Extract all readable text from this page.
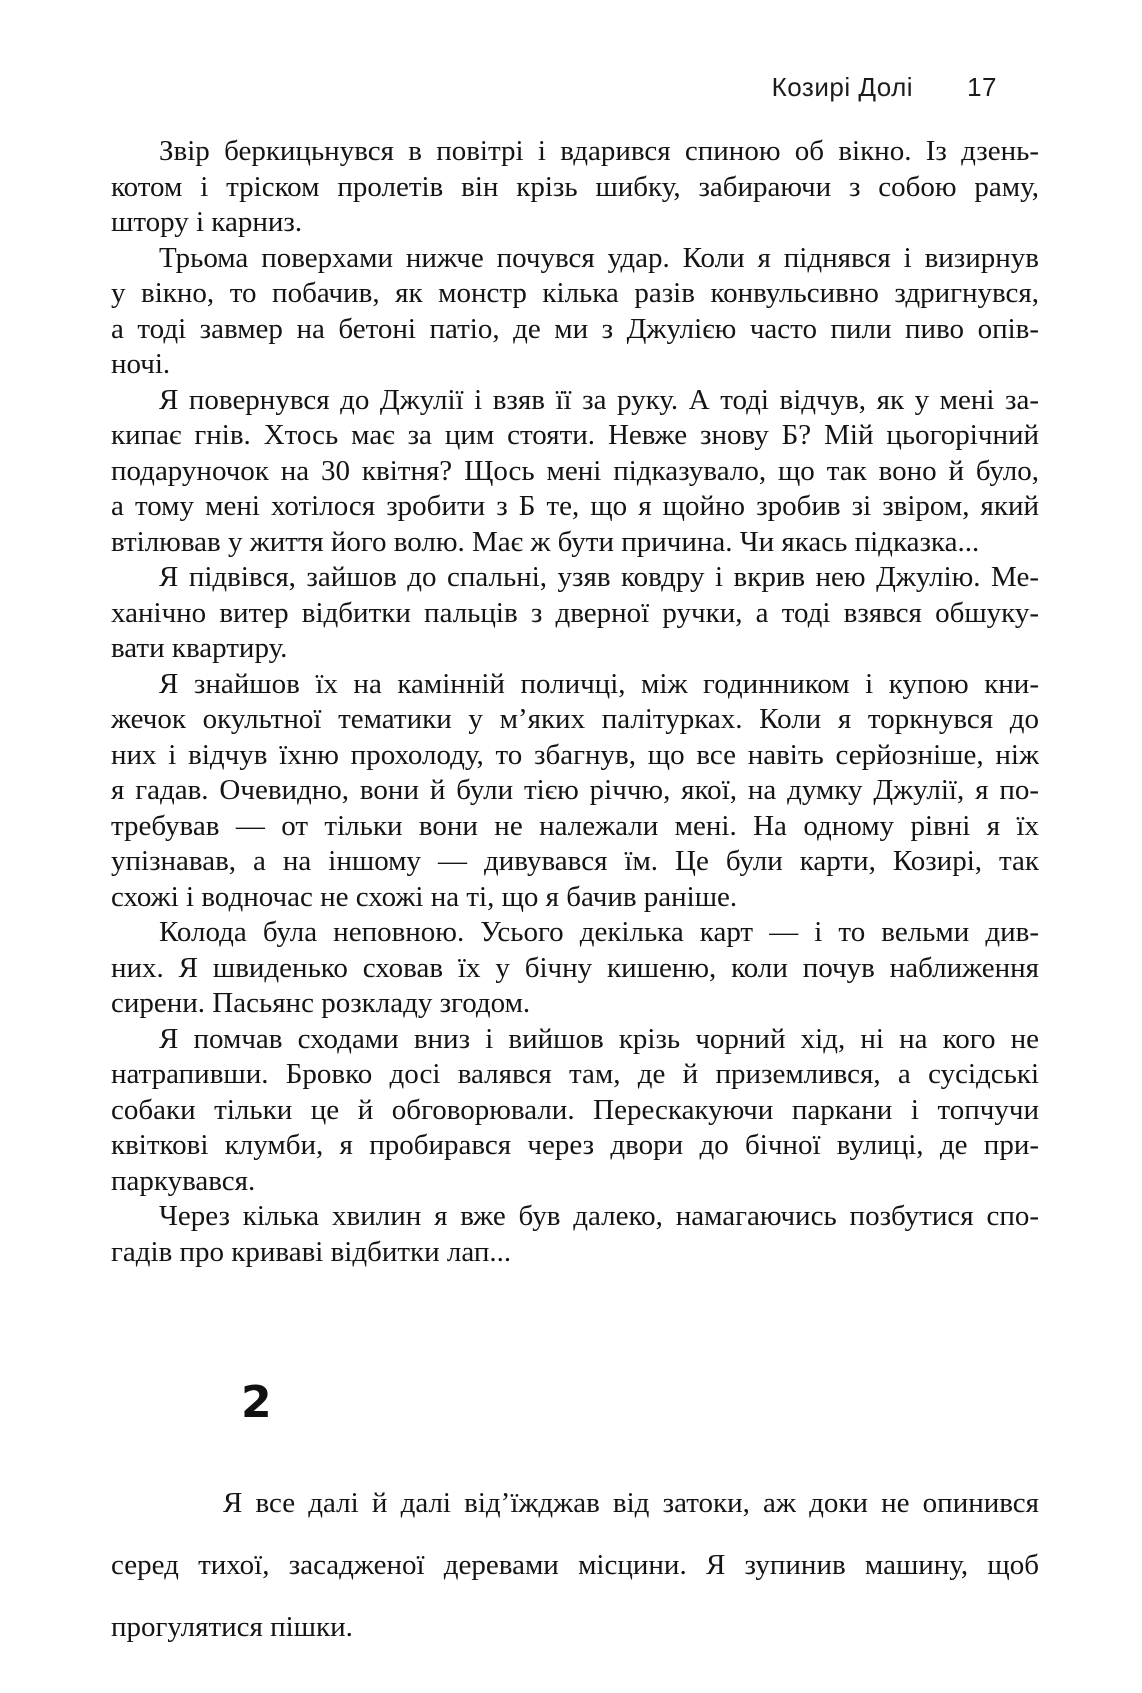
Козирі Долі 17
Звір беркицьнувся в повітрі і вдарився спиною об вікно. Із дзень-
котом і тріском пролетів він крізь шибку, забираючи з собою раму,
штору і карниз.
Трьома поверхами нижче почувся удар. Коли я піднявся і визирнув
у вікно, то побачив, як монстр кілька разів конвульсивно здригнувся,
а тоді завмер на бетоні патіо, де ми з Джулією часто пили пиво опів-
ночі.
Я повернувся до Джулії і взяв її за руку. А тоді відчув, як у мені за-
кипає гнів. Хтось має за цим стояти. Невже знову Б? Мій цьогорічний
подаруночок на 30 квітня? Щось мені підказувало, що так воно й було,
а тому мені хотілося зробити з Б те, що я щойно зробив зі звіром, який
втілював у життя його волю. Має ж бути причина. Чи якась підказка...
Я підвівся, зайшов до спальні, узяв ковдру і вкрив нею Джулію. Ме-
ханічно витер відбитки пальців з дверної ручки, а тоді взявся обшуку-
вати квартиру.
Я знайшов їх на камінній поличці, між годинником і купою кни-
жечок окультної тематики у м’яких палітурках. Коли я торкнувся до
них і відчув їхню прохолоду, то збагнув, що все навіть серйозніше, ніж
я гадав. Очевидно, вони й були тією річчю, якої, на думку Джулії, я по-
требував — от тільки вони не належали мені. На одному рівні я їх
упізнавав, а на іншому — дивувався їм. Це були карти, Козирі, так
схожі і водночас не схожі на ті, що я бачив раніше.
Колода була неповною. Усього декілька карт — і то вельми див-
них. Я швиденько сховав їх у бічну кишеню, коли почув наближення
сирени. Пасьянс розкладу згодом.
Я помчав сходами вниз і вийшов крізь чорний хід, ні на кого не
натрапивши. Бровко досі валявся там, де й приземлився, а сусідські
собаки тільки це й обговорювали. Перескакуючи паркани і топчучи
квіткові клумби, я пробирався через двори до бічної вулиці, де при-
паркувався.
Через кілька хвилин я вже був далеко, намагаючись позбутися спо-
гадів про криваві відбитки лап...
2
Я все далі й далі від’їжджав від затоки, аж доки не опинився
серед тихої, засадженої деревами місцини. Я зупинив машину, щоб
прогулятися пішки.
